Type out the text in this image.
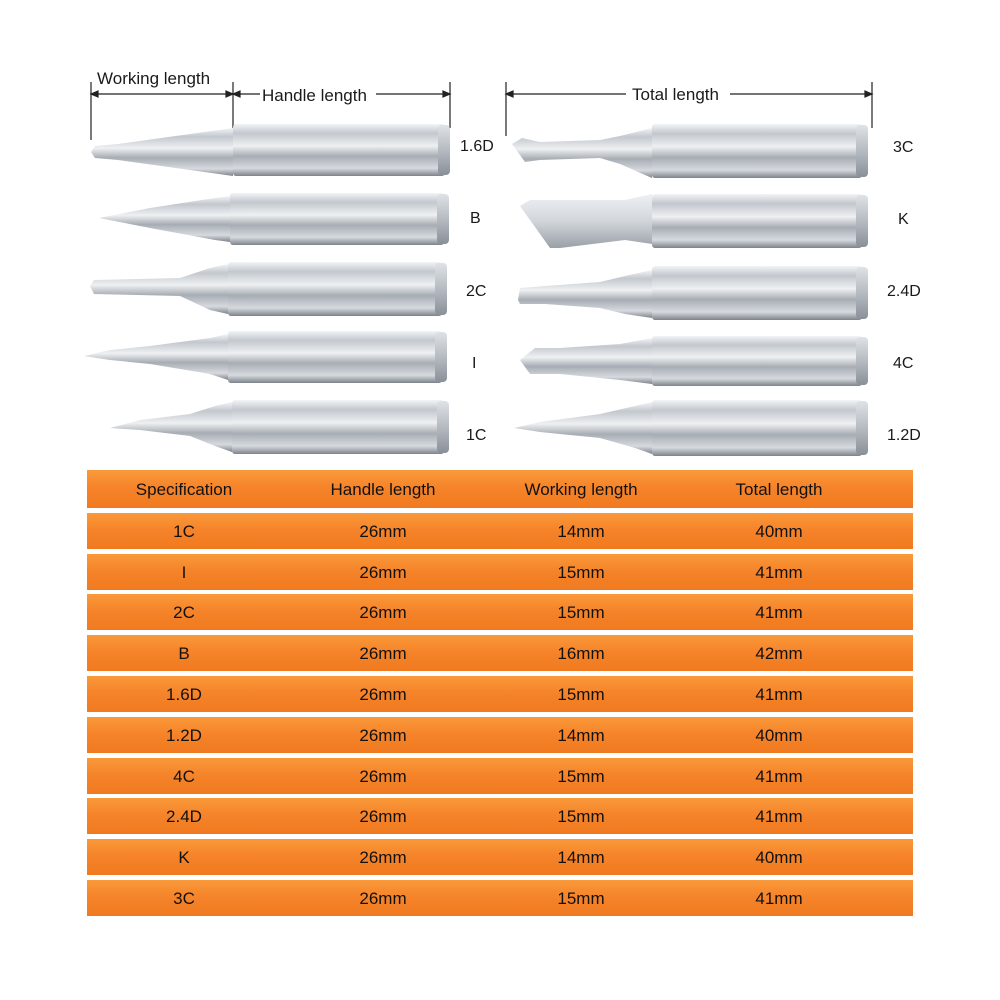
Working length
Handle length	Total length
1.6D
B
2C
I
1C
3C
K
2.4D
4C
1.2D
Specification	Handle length	Working length	Total length
1C	26mm	14mm	40mm
I	26mm	15mm	41mm
2C	26mm	15mm	41mm
B	26mm	16mm	42mm
1.6D	26mm	15mm	41mm
1.2D	26mm	14mm	40mm
4C	26mm	15mm	41mm
2.4D	26mm	15mm	41mm
K	26mm	14mm	40mm
3C	26mm	15mm	41mm
